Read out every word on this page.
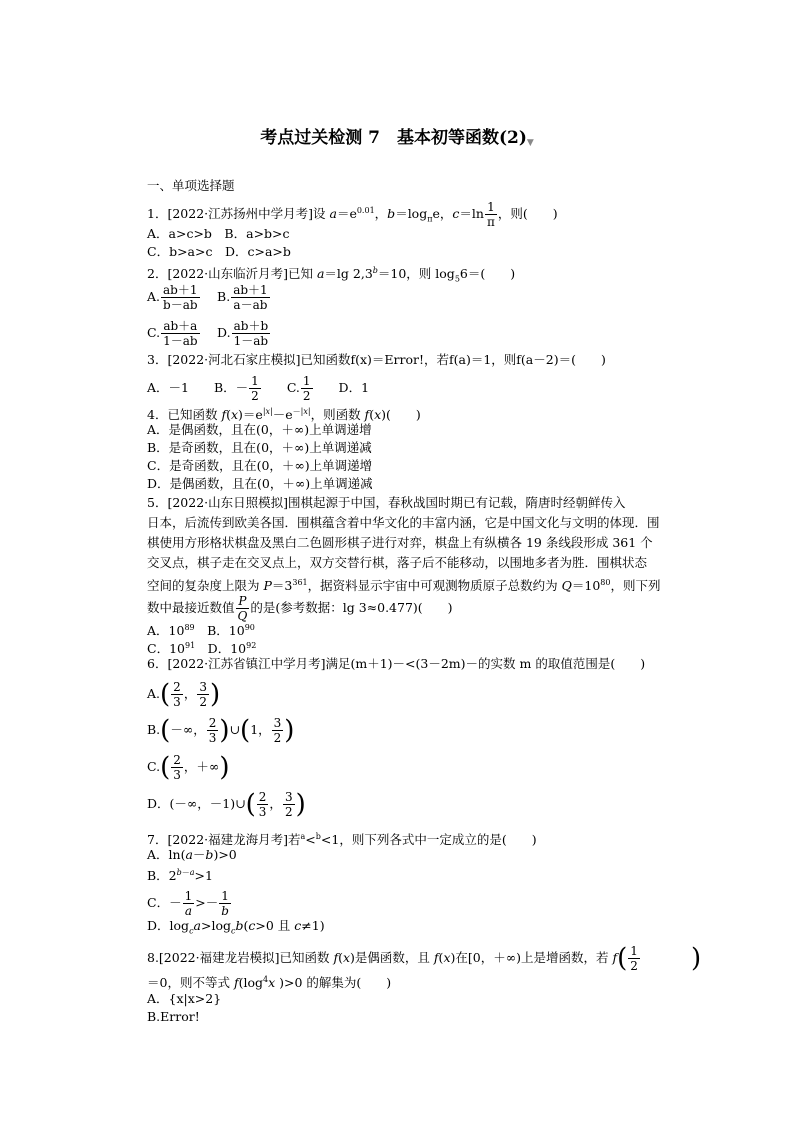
考点过关检测 7　基本初等函数(2)▼
一、单项选择题
1．[2022·江苏扬州中学月考]设 $a=e^{0.01}$，$b=\log_\pi e$，$c=\ln \frac{1}{\pi}$ ，则(　　)
A．a>c>b　B．a>b>c
C．b>a>c　D．c>a>b
2．[2022·山东临沂月考]已知 a＝lg 2,3$^b$＝10，则 $\log_56=$(　　)
A. $\frac{ab+1}{b-ab}$ 　B. $\frac{ab+1}{a-ab}$
C. $\frac{ab+a}{1-ab}$ 　D. $\frac{ab+b}{1-ab}$
3．[2022·河北石家庄模拟]已知函数f(x)＝Error!，若f(a)＝1，则f(a－2)＝(　　)
A．－1　　B．－ $\frac{1}{2}$ 　　C. $\frac{1}{2}$ 　　D．1
4．已知函数 $f(x)=e^{|x|}-e^{-|x|}$，则函数 f(x)(　　)
A．是偶函数，且在(0，＋∞)上单调递增
B．是奇函数，且在(0，＋∞)上单调递减
C．是奇函数，且在(0，＋∞)上单调递增
D．是偶函数，且在(0，＋∞)上单调递减
5．[2022·山东日照模拟]围棋起源于中国，春秋战国时期已有记载，隋唐时经朝鲜传入
日本，后流传到欧美各国．围棋蕴含着中华文化的丰富内涵，它是中国文化与文明的体现．围
棋使用方形格状棋盘及黑白二色圆形棋子进行对弈，棋盘上有纵横各 19 条线段形成 361 个
交叉点，棋子走在交叉点上，双方交替行棋，落子后不能移动，以围地多者为胜．围棋状态
空间的复杂度上限为 $P=3^{361}$，据资料显示宇宙中可观测物质原子总数约为 $Q=10^{80}$，则下列
数中最接近数值 $\frac{P}{Q}$ 的是(参考数据：lg 3≈0.477)(　　)
A．$10^{89}$　B．$10^{90}$
C．$10^{91}$　D．$10^{92}$
6．[2022·江苏省镇江中学月考]满足(m＋1)－<(3－2m)－的实数 m 的取值范围是(　　)
$A.( \frac{2}{3}$ ， $\frac{3}{2}$ )
B.(－∞， $\frac{2}{3}$ )∪(1， $\frac{3}{2}$ )
$C.( \frac{2}{3}$ ，＋∞)
D．(－∞，－1)∪( $\frac{2}{3}$ ， $\frac{3}{2}$ )
7．[2022·福建龙海月考]若$^a$<$^b$<1，则下列各式中一定成立的是(　　)
A．ln(a－b)>0
B．$2^{b-a}>1$
C．－ $\frac{1}{a} >- \frac{1}{b}$
D．$\log_ca>\log_cb(c>0$ 且 c≠1)
8.[2022·福建龙岩模拟]已知函数 f(x)是偶函数，且 f(x)在[0，＋∞)上是增函数，若 $f( \frac{1}{2}$
　　　　 )
＝0，则不等式 $f(\log^4x$ )>0 的解集为(　　)
A．{x|x>2}
B.Error!
